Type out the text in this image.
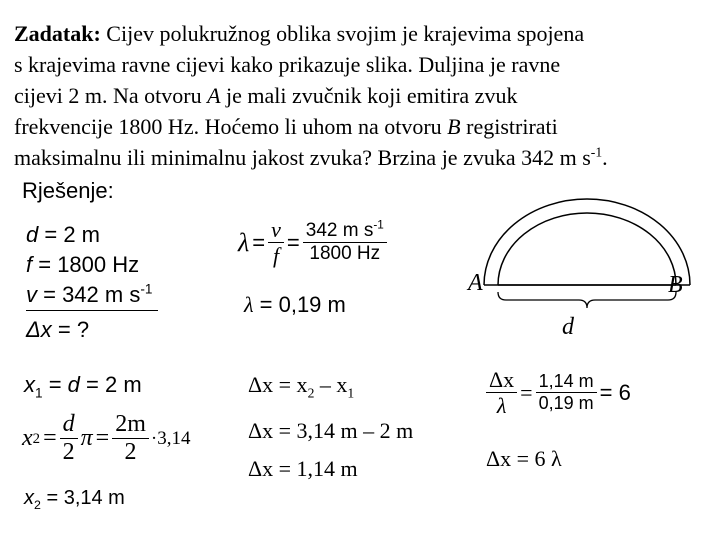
Zadatak: Cijev polukružnog oblika svojim je krajevima spojena
s krajevima ravne cijevi kako prikazuje slika. Duljina je ravne
cijevi 2 m. Na otvoru A je mali zvučnik koji emitira zvuk
frekvencije 1800 Hz. Hoćemo li uhom na otvoru B registrirati
maksimalnu ili minimalnu jakost zvuka? Brzina je zvuka 342 m $s^{-1}$.
Rješenje:
d = 2 m
f = 1800 Hz
v = 342 m $s^{-1}$
Δx = ?
$\lambda = \frac{v}{f} = \frac{342 m s^{-1}}{1800 Hz}$
λ = 0,19 m
A	B
d
$x_1 = d = 2$ m
x $2 = \frac{d}{2}$ $\pi = \frac{2m}{2} \cdot 3,14$
$x_2 = 3,14$ m
$\Delta x = x_2 - x_1$
Δx = 3,14 m – 2 m
Δx = 1,14 m
$\frac{\Delta x}{\lambda} = \frac{1,14 m}{0,19 m} = 6$
Δx = 6 λ
